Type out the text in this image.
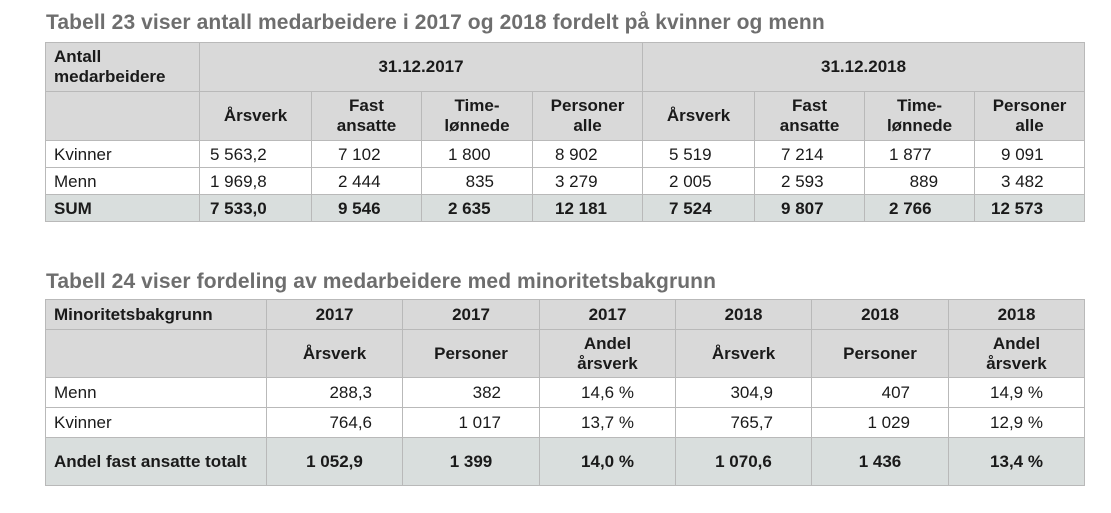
Tabell 23 viser antall medarbeidere i 2017 og 2018 fordelt på kvinner og menn
Antall medarbeidere	31.12.2017				31.12.2018			
	Årsverk	Fast ansatte	Time-lønnede	Personer alle	Årsverk	Fast ansatte	Time-lønnede	Personer alle
Kvinner	5 563,2	7 102	1 800	8 902	5 519	7 214	1 877	9 091
Menn	1 969,8	2 444	835	3 279	2 005	2 593	889	3 482
SUM	7 533,0	9 546	2 635	12 181	7 524	9 807	2 766	12 573
Tabell 24 viser fordeling av medarbeidere med minoritetsbakgrunn
Minoritetsbakgrunn	2017	2017	2017	2018	2018	2018
	Årsverk	Personer	Andel årsverk	Årsverk	Personer	Andel årsverk
Menn	288,3	382	14,6 %	304,9	407	14,9 %
Kvinner	764,6	1 017	13,7 %	765,7	1 029	12,9 %
Andel fast ansatte totalt	1 052,9	1 399	14,0 %	1 070,6	1 436	13,4 %
